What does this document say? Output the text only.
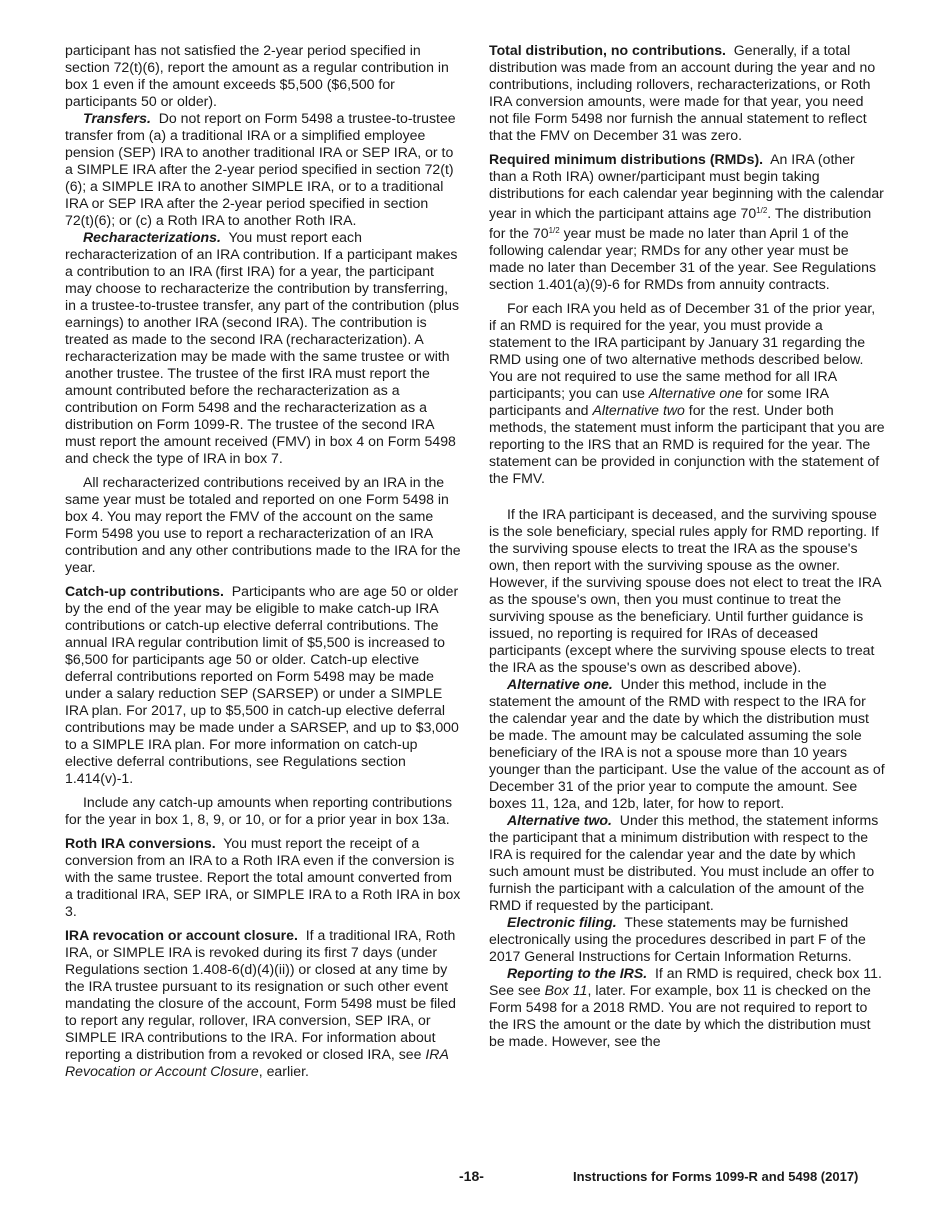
participant has not satisfied the 2-year period specified in section 72(t)(6), report the amount as a regular contribution in box 1 even if the amount exceeds $5,500 ($6,500 for participants 50 or older).

Transfers. Do not report on Form 5498 a trustee-to-trustee transfer from (a) a traditional IRA or a simplified employee pension (SEP) IRA to another traditional IRA or SEP IRA, or to a SIMPLE IRA after the 2-year period specified in section 72(t)(6); a SIMPLE IRA to another SIMPLE IRA, or to a traditional IRA or SEP IRA after the 2-year period specified in section 72(t)(6); or (c) a Roth IRA to another Roth IRA.

Recharacterizations. You must report each recharacterization of an IRA contribution. If a participant makes a contribution to an IRA (first IRA) for a year, the participant may choose to recharacterize the contribution by transferring, in a trustee-to-trustee transfer, any part of the contribution (plus earnings) to another IRA (second IRA). The contribution is treated as made to the second IRA (recharacterization). A recharacterization may be made with the same trustee or with another trustee. The trustee of the first IRA must report the amount contributed before the recharacterization as a contribution on Form 5498 and the recharacterization as a distribution on Form 1099-R. The trustee of the second IRA must report the amount received (FMV) in box 4 on Form 5498 and check the type of IRA in box 7.

All recharacterized contributions received by an IRA in the same year must be totaled and reported on one Form 5498 in box 4. You may report the FMV of the account on the same Form 5498 you use to report a recharacterization of an IRA contribution and any other contributions made to the IRA for the year.

Catch-up contributions. Participants who are age 50 or older by the end of the year may be eligible to make catch-up IRA contributions or catch-up elective deferral contributions. The annual IRA regular contribution limit of $5,500 is increased to $6,500 for participants age 50 or older. Catch-up elective deferral contributions reported on Form 5498 may be made under a salary reduction SEP (SARSEP) or under a SIMPLE IRA plan. For 2017, up to $5,500 in catch-up elective deferral contributions may be made under a SARSEP, and up to $3,000 to a SIMPLE IRA plan. For more information on catch-up elective deferral contributions, see Regulations section 1.414(v)-1.

Include any catch-up amounts when reporting contributions for the year in box 1, 8, 9, or 10, or for a prior year in box 13a.

Roth IRA conversions. You must report the receipt of a conversion from an IRA to a Roth IRA even if the conversion is with the same trustee. Report the total amount converted from a traditional IRA, SEP IRA, or SIMPLE IRA to a Roth IRA in box 3.

IRA revocation or account closure. If a traditional IRA, Roth IRA, or SIMPLE IRA is revoked during its first 7 days (under Regulations section 1.408-6(d)(4)(ii)) or closed at any time by the IRA trustee pursuant to its resignation or such other event mandating the closure of the account, Form 5498 must be filed to report any regular, rollover, IRA conversion, SEP IRA, or SIMPLE IRA contributions to the IRA. For information about reporting a distribution from a revoked or closed IRA, see IRA Revocation or Account Closure, earlier.

Total distribution, no contributions. Generally, if a total distribution was made from an account during the year and no contributions, including rollovers, recharacterizations, or Roth IRA conversion amounts, were made for that year, you need not file Form 5498 nor furnish the annual statement to reflect that the FMV on December 31 was zero.

Required minimum distributions (RMDs). An IRA (other than a Roth IRA) owner/participant must begin taking distributions for each calendar year beginning with the calendar year in which the participant attains age $70^{1/2}$. The distribution for the $70^{1/2}$ year must be made no later than April 1 of the following calendar year; RMDs for any other year must be made no later than December 31 of the year. See Regulations section 1.401(a)(9)-6 for RMDs from annuity contracts.

For each IRA you held as of December 31 of the prior year, if an RMD is required for the year, you must provide a statement to the IRA participant by January 31 regarding the RMD using one of two alternative methods described below. You are not required to use the same method for all IRA participants; you can use Alternative one for some IRA participants and Alternative two for the rest. Under both methods, the statement must inform the participant that you are reporting to the IRS that an RMD is required for the year. The statement can be provided in conjunction with the statement of the FMV.

If the IRA participant is deceased, and the surviving spouse is the sole beneficiary, special rules apply for RMD reporting. If the surviving spouse elects to treat the IRA as the spouse's own, then report with the surviving spouse as the owner. However, if the surviving spouse does not elect to treat the IRA as the spouse's own, then you must continue to treat the surviving spouse as the beneficiary. Until further guidance is issued, no reporting is required for IRAs of deceased participants (except where the surviving spouse elects to treat the IRA as the spouse's own as described above).

Alternative one. Under this method, include in the statement the amount of the RMD with respect to the IRA for the calendar year and the date by which the distribution must be made. The amount may be calculated assuming the sole beneficiary of the IRA is not a spouse more than 10 years younger than the participant. Use the value of the account as of December 31 of the prior year to compute the amount. See boxes 11, 12a, and 12b, later, for how to report.

Alternative two. Under this method, the statement informs the participant that a minimum distribution with respect to the IRA is required for the calendar year and the date by which such amount must be distributed. You must include an offer to furnish the participant with a calculation of the amount of the RMD if requested by the participant.

Electronic filing. These statements may be furnished electronically using the procedures described in part F of the 2017 General Instructions for Certain Information Returns.

Reporting to the IRS. If an RMD is required, check box 11. See see Box 11, later. For example, box 11 is checked on the Form 5498 for a 2018 RMD. You are not required to report to the IRS the amount or the date by which the distribution must be made. However, see the

-18-	Instructions for Forms 1099-R and 5498 (2017)
